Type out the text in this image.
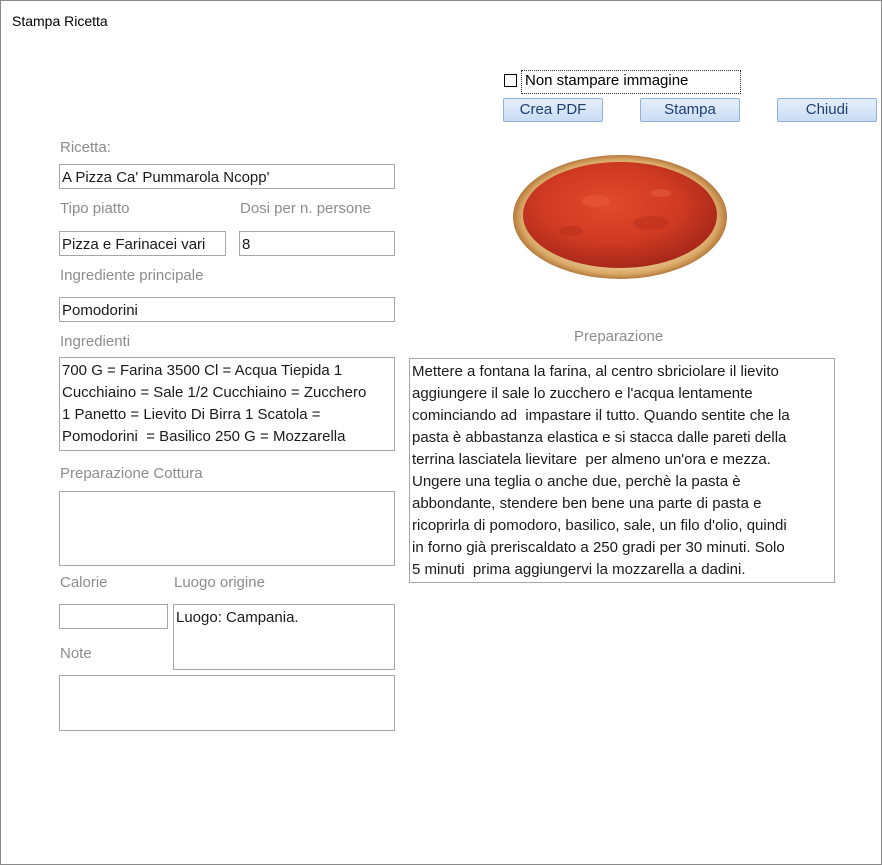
Stampa Ricetta
Non stampare immagine
Crea PDF	Stampa	Chiudi
Ricetta:
A Pizza Ca' Pummarola Ncopp'
Tipo piatto	Dosi per n. persone
Pizza e Farinacei vari	8
Ingrediente principale
Pomodorini
Ingredienti
700 G = Farina 3500 Cl = Acqua Tiepida 1
Cucchiaino = Sale 1/2 Cucchiaino = Zucchero
1 Panetto = Lievito Di Birra 1 Scatola =
Pomodorini  = Basilico 250 G = Mozzarella
Preparazione Cottura
Calorie	Luogo origine
Luogo: Campania.
Note
Preparazione
Mettere a fontana la farina, al centro sbriciolare il lievito
aggiungere il sale lo zucchero e l'acqua lentamente
cominciando ad  impastare il tutto. Quando sentite che la
pasta è abbastanza elastica e si stacca dalle pareti della
terrina lasciatela lievitare  per almeno un'ora e mezza.
Ungere una teglia o anche due, perchè la pasta è
abbondante, stendere ben bene una parte di pasta e
ricoprirla di pomodoro, basilico, sale, un filo d'olio, quindi
in forno già preriscaldato a 250 gradi per 30 minuti. Solo
5 minuti  prima aggiungervi la mozzarella a dadini.
